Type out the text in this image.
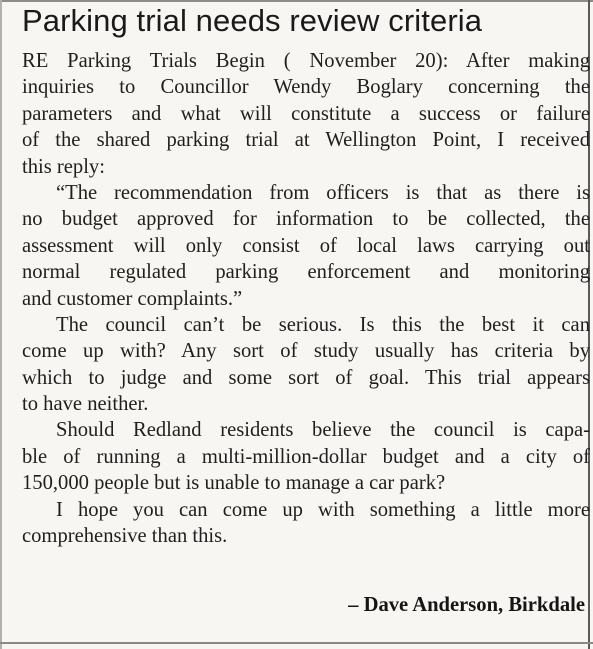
Parking trial needs review criteria
RE Parking Trials Begin ( November 20): After making
inquiries to Councillor Wendy Boglary concerning the
parameters and what will constitute a success or failure
of the shared parking trial at Wellington Point, I received
this reply:
“The recommendation from officers is that as there is
no budget approved for information to be collected, the
assessment will only consist of local laws carrying out
normal regulated parking enforcement and monitoring
and customer complaints.”
The council can’t be serious. Is this the best it can
come up with? Any sort of study usually has criteria by
which to judge and some sort of goal. This trial appears
to have neither.
Should Redland residents believe the council is capa-
ble of running a multi-million-dollar budget and a city of
150,000 people but is unable to manage a car park?
I hope you can come up with something a little more
comprehensive than this.
– Dave Anderson, Birkdale
